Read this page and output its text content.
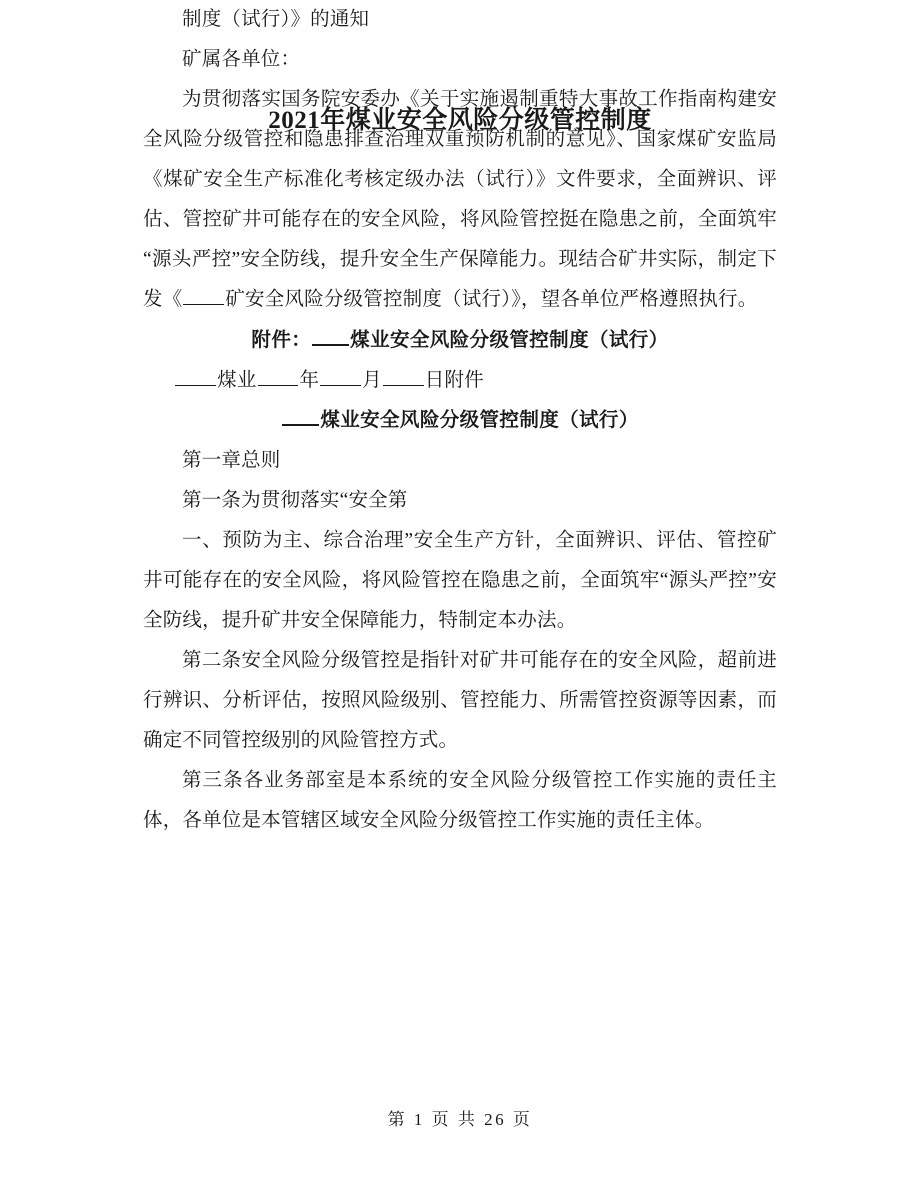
2021年煤业安全风险分级管控制度

制度（试行）》的通知

矿属各单位：

为贯彻落实国务院安委办《关于实施遏制重特大事故工作指南构建安全风险分级管控和隐患排查治理双重预防机制的意见》、国家煤矿安监局《煤矿安全生产标准化考核定级办法（试行）》文件要求，全面辨识、评估、管控矿井可能存在的安全风险，将风险管控挺在隐患之前，全面筑牢“源头严控”安全防线，提升安全生产保障能力。现结合矿井实际，制定下发《 矿安全风险分级管控制度（试行）》，望各单位严格遵照执行。

附件： 煤业安全风险分级管控制度（试行）

煤业 年 月 日附件

煤业安全风险分级管控制度（试行）

第一章总则

第一条为贯彻落实“安全第

一、预防为主、综合治理”安全生产方针，全面辨识、评估、管控矿井可能存在的安全风险，将风险管控在隐患之前，全面筑牢“源头严控”安全防线，提升矿井安全保障能力，特制定本办法。

第二条安全风险分级管控是指针对矿井可能存在的安全风险，超前进行辨识、分析评估，按照风险级别、管控能力、所需管控资源等因素，而确定不同管控级别的风险管控方式。

第三条各业务部室是本系统的安全风险分级管控工作实施的责任主体，各单位是本管辖区域安全风险分级管控工作实施的责任主体。

第 1 页 共 26 页
